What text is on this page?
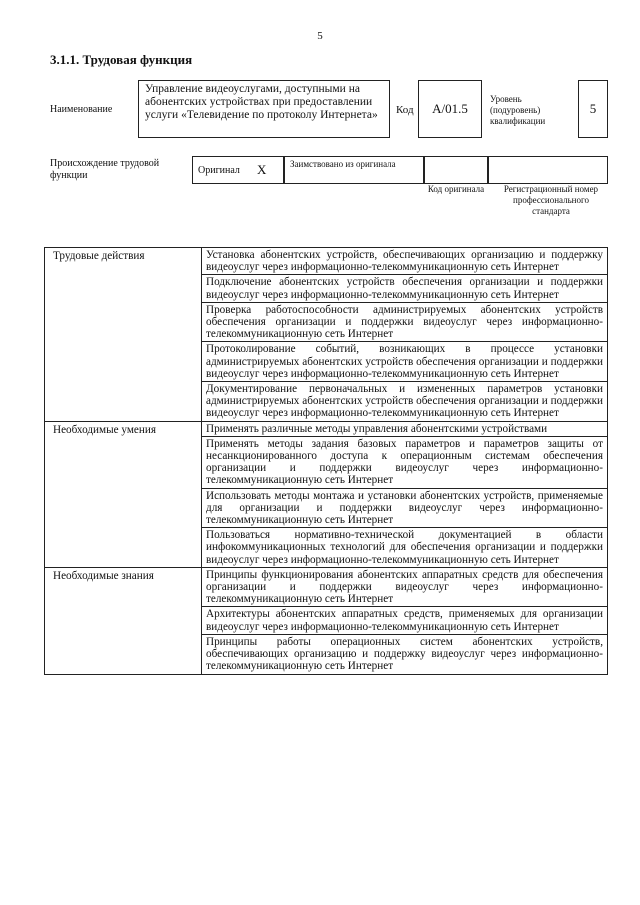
5
3.1.1. Трудовая функция
Наименование
Управление видеоуслугами, доступными на абонентских устройствах при предоставлении услуги «Телевидение по протоколу Интернета»	Код	A/01.5
Уровень (подуровень) квалификации
5
Происхождение трудовой функции	Оригинал X	Заимствовано из оригинала
Код оригинала	Регистрационный номер профессионального стандарта
Трудовые действия	Установка абонентских устройств, обеспечивающих организацию и поддержку видеоуслуг через информационно-телекоммуникационную сеть Интернет
	Подключение абонентских устройств обеспечения организации и поддержки видеоуслуг через информационно-телекоммуникационную сеть Интернет
	Проверка работоспособности администрируемых абонентских устройств обеспечения организации и поддержки видеоуслуг через информационно-телекоммуникационную сеть Интернет
	Протоколирование событий, возникающих в процессе установки администрируемых абонентских устройств обеспечения организации и поддержки видеоуслуг через информационно-телекоммуникационную сеть Интернет
	Документирование первоначальных и измененных параметров установки администрируемых абонентских устройств обеспечения организации и поддержки видеоуслуг через информационно-телекоммуникационную сеть Интернет
Необходимые умения	Применять различные методы управления абонентскими устройствами
	Применять методы задания базовых параметров и параметров защиты от несанкционированного доступа к операционным системам обеспечения организации и поддержки видеоуслуг через информационно-телекоммуникационную сеть Интернет
	Использовать методы монтажа и установки абонентских устройств, применяемые для организации и поддержки видеоуслуг через информационно-телекоммуникационную сеть Интернет
	Пользоваться нормативно-технической документацией в области инфокоммуникационных технологий для обеспечения организации и поддержки видеоуслуг через информационно-телекоммуникационную сеть Интернет
Необходимые знания	Принципы функционирования абонентских аппаратных средств для обеспечения организации и поддержки видеоуслуг через информационно-телекоммуникационную сеть Интернет
	Архитектуры абонентских аппаратных средств, применяемых для организации видеоуслуг через информационно-телекоммуникационную сеть Интернет
	Принципы работы операционных систем абонентских устройств, обеспечивающих организацию и поддержку видеоуслуг через информационно-телекоммуникационную сеть Интернет
